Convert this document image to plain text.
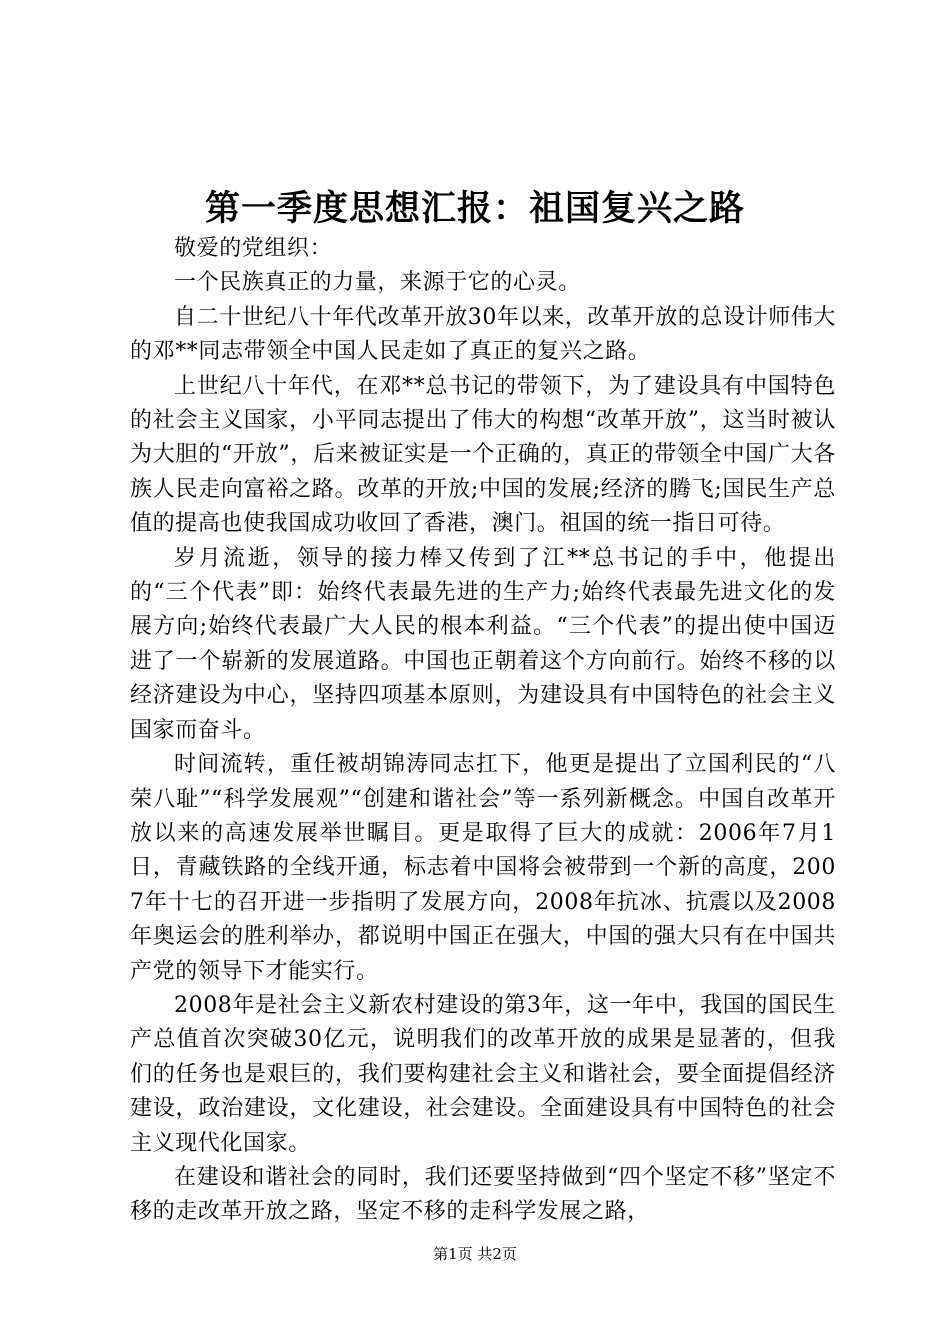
第一季度思想汇报：祖国复兴之路

敬爱的党组织：

一个民族真正的力量，来源于它的心灵。

自二十世纪八十年代改革开放30年以来，改革开放的总设计师伟大的邓**同志带领全中国人民走如了真正的复兴之路。

上世纪八十年代，在邓**总书记的带领下，为了建设具有中国特色的社会主义国家，小平同志提出了伟大的构想“改革开放”，这当时被认为大胆的“开放”，后来被证实是一个正确的，真正的带领全中国广大各族人民走向富裕之路。改革的开放;中国的发展;经济的腾飞;国民生产总值的提高也使我国成功收回了香港，澳门。祖国的统一指日可待。

岁月流逝，领导的接力棒又传到了江**总书记的手中，他提出的“三个代表”即：始终代表最先进的生产力;始终代表最先进文化的发展方向;始终代表最广大人民的根本利益。“三个代表”的提出使中国迈进了一个崭新的发展道路。中国也正朝着这个方向前行。始终不移的以经济建设为中心，坚持四项基本原则，为建设具有中国特色的社会主义国家而奋斗。

时间流转，重任被胡锦涛同志扛下，他更是提出了立国利民的“八荣八耻”“科学发展观”“创建和谐社会”等一系列新概念。中国自改革开放以来的高速发展举世瞩目。更是取得了巨大的成就：2006年7月1日，青藏铁路的全线开通，标志着中国将会被带到一个新的高度，2007年十七的召开进一步指明了发展方向，2008年抗冰、抗震以及2008年奥运会的胜利举办，都说明中国正在强大，中国的强大只有在中国共产党的领导下才能实行。

2008年是社会主义新农村建设的第3年，这一年中，我国的国民生产总值首次突破30亿元，说明我们的改革开放的成果是显著的，但我们的任务也是艰巨的，我们要构建社会主义和谐社会，要全面提倡经济建设，政治建设，文化建设，社会建设。全面建设具有中国特色的社会主义现代化国家。

在建设和谐社会的同时，我们还要坚持做到“四个坚定不移”坚定不移的走改革开放之路，坚定不移的走科学发展之路，

第1页 共2页
